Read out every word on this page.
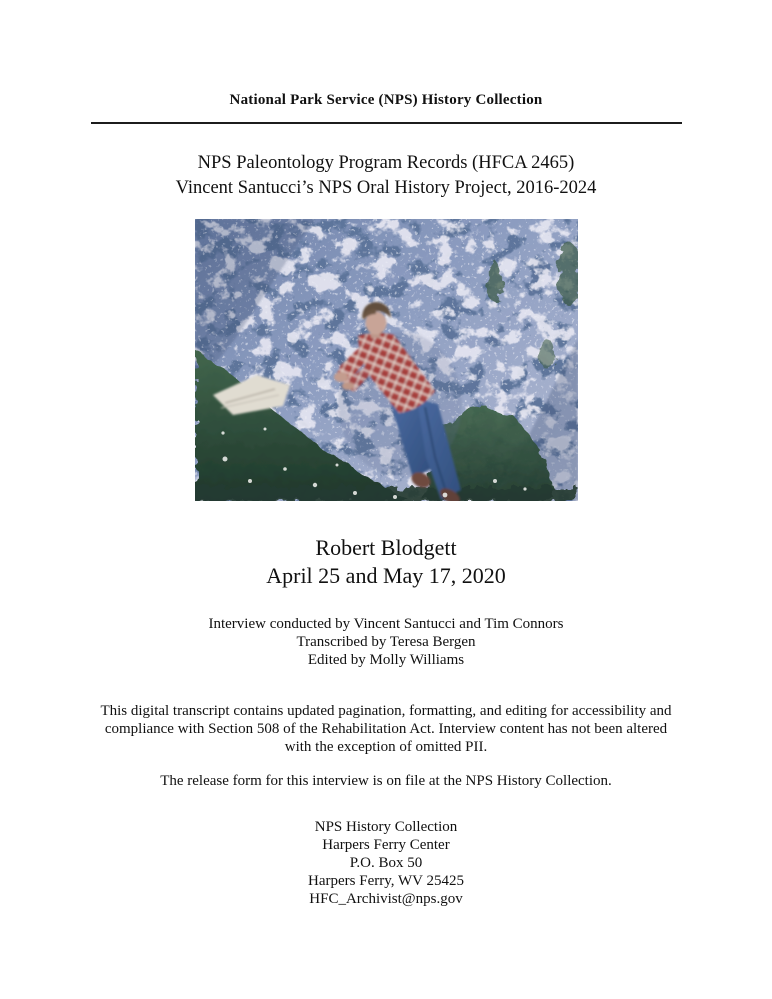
National Park Service (NPS) History Collection
NPS Paleontology Program Records (HFCA 2465)
Vincent Santucci’s NPS Oral History Project, 2016-2024
Robert Blodgett
April 25 and May 17, 2020
Interview conducted by Vincent Santucci and Tim Connors
Transcribed by Teresa Bergen
Edited by Molly Williams
This digital transcript contains updated pagination, formatting, and editing for accessibility and compliance with Section 508 of the Rehabilitation Act. Interview content has not been altered with the exception of omitted PII.
The release form for this interview is on file at the NPS History Collection.
NPS History Collection
Harpers Ferry Center
P.O. Box 50
Harpers Ferry, WV 25425
HFC_Archivist@nps.gov
